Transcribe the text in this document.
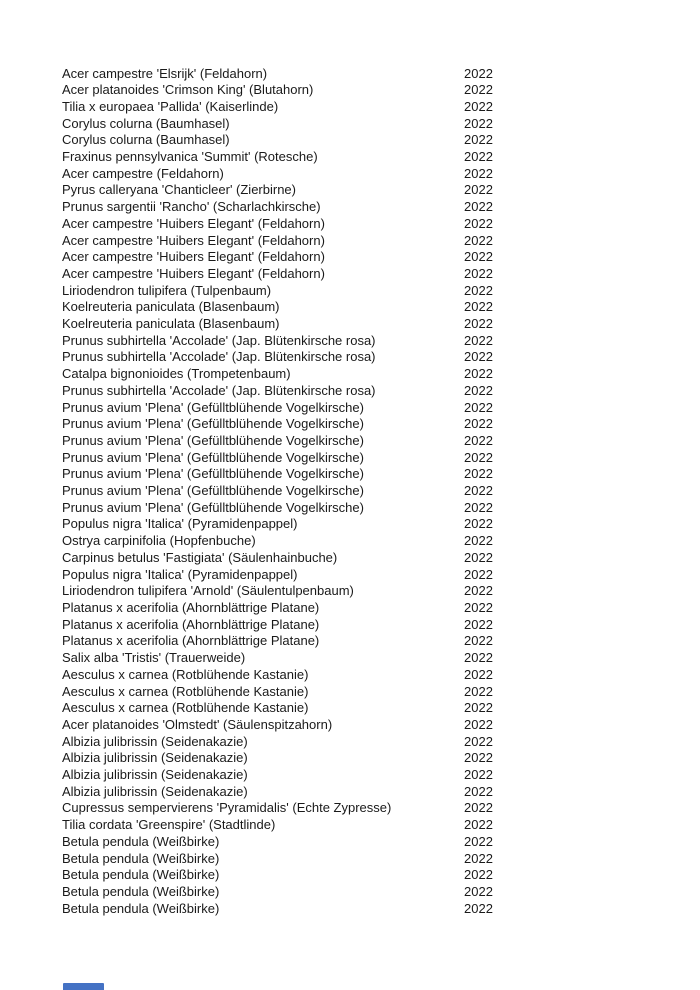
Acer campestre 'Elsrijk' (Feldahorn)	2022
Acer platanoides 'Crimson King' (Blutahorn)	2022
Tilia x europaea 'Pallida' (Kaiserlinde)	2022
Corylus colurna (Baumhasel)	2022
Corylus colurna (Baumhasel)	2022
Fraxinus pennsylvanica 'Summit' (Rotesche)	2022
Acer campestre (Feldahorn)	2022
Pyrus calleryana 'Chanticleer' (Zierbirne)	2022
Prunus sargentii 'Rancho' (Scharlachkirsche)	2022
Acer campestre 'Huibers Elegant' (Feldahorn)	2022
Acer campestre 'Huibers Elegant' (Feldahorn)	2022
Acer campestre 'Huibers Elegant' (Feldahorn)	2022
Acer campestre 'Huibers Elegant' (Feldahorn)	2022
Liriodendron tulipifera (Tulpenbaum)	2022
Koelreuteria paniculata (Blasenbaum)	2022
Koelreuteria paniculata (Blasenbaum)	2022
Prunus subhirtella 'Accolade' (Jap. Blütenkirsche rosa)	2022
Prunus subhirtella 'Accolade' (Jap. Blütenkirsche rosa)	2022
Catalpa bignonioides (Trompetenbaum)	2022
Prunus subhirtella 'Accolade' (Jap. Blütenkirsche rosa)	2022
Prunus avium 'Plena' (Gefülltblühende Vogelkirsche)	2022
Prunus avium 'Plena' (Gefülltblühende Vogelkirsche)	2022
Prunus avium 'Plena' (Gefülltblühende Vogelkirsche)	2022
Prunus avium 'Plena' (Gefülltblühende Vogelkirsche)	2022
Prunus avium 'Plena' (Gefülltblühende Vogelkirsche)	2022
Prunus avium 'Plena' (Gefülltblühende Vogelkirsche)	2022
Prunus avium 'Plena' (Gefülltblühende Vogelkirsche)	2022
Populus nigra 'Italica' (Pyramidenpappel)	2022
Ostrya carpinifolia (Hopfenbuche)	2022
Carpinus betulus 'Fastigiata' (Säulenhainbuche)	2022
Populus nigra 'Italica' (Pyramidenpappel)	2022
Liriodendron tulipifera 'Arnold' (Säulentulpenbaum)	2022
Platanus x acerifolia (Ahornblättrige Platane)	2022
Platanus x acerifolia (Ahornblättrige Platane)	2022
Platanus x acerifolia (Ahornblättrige Platane)	2022
Salix alba 'Tristis' (Trauerweide)	2022
Aesculus x carnea (Rotblühende Kastanie)	2022
Aesculus x carnea (Rotblühende Kastanie)	2022
Aesculus x carnea (Rotblühende Kastanie)	2022
Acer platanoides 'Olmstedt' (Säulenspitzahorn)	2022
Albizia julibrissin (Seidenakazie)	2022
Albizia julibrissin (Seidenakazie)	2022
Albizia julibrissin (Seidenakazie)	2022
Albizia julibrissin (Seidenakazie)	2022
Cupressus sempervierens 'Pyramidalis' (Echte Zypresse)	2022
Tilia cordata 'Greenspire' (Stadtlinde)	2022
Betula pendula (Weißbirke)	2022
Betula pendula (Weißbirke)	2022
Betula pendula (Weißbirke)	2022
Betula pendula (Weißbirke)	2022
Betula pendula (Weißbirke)	2022
